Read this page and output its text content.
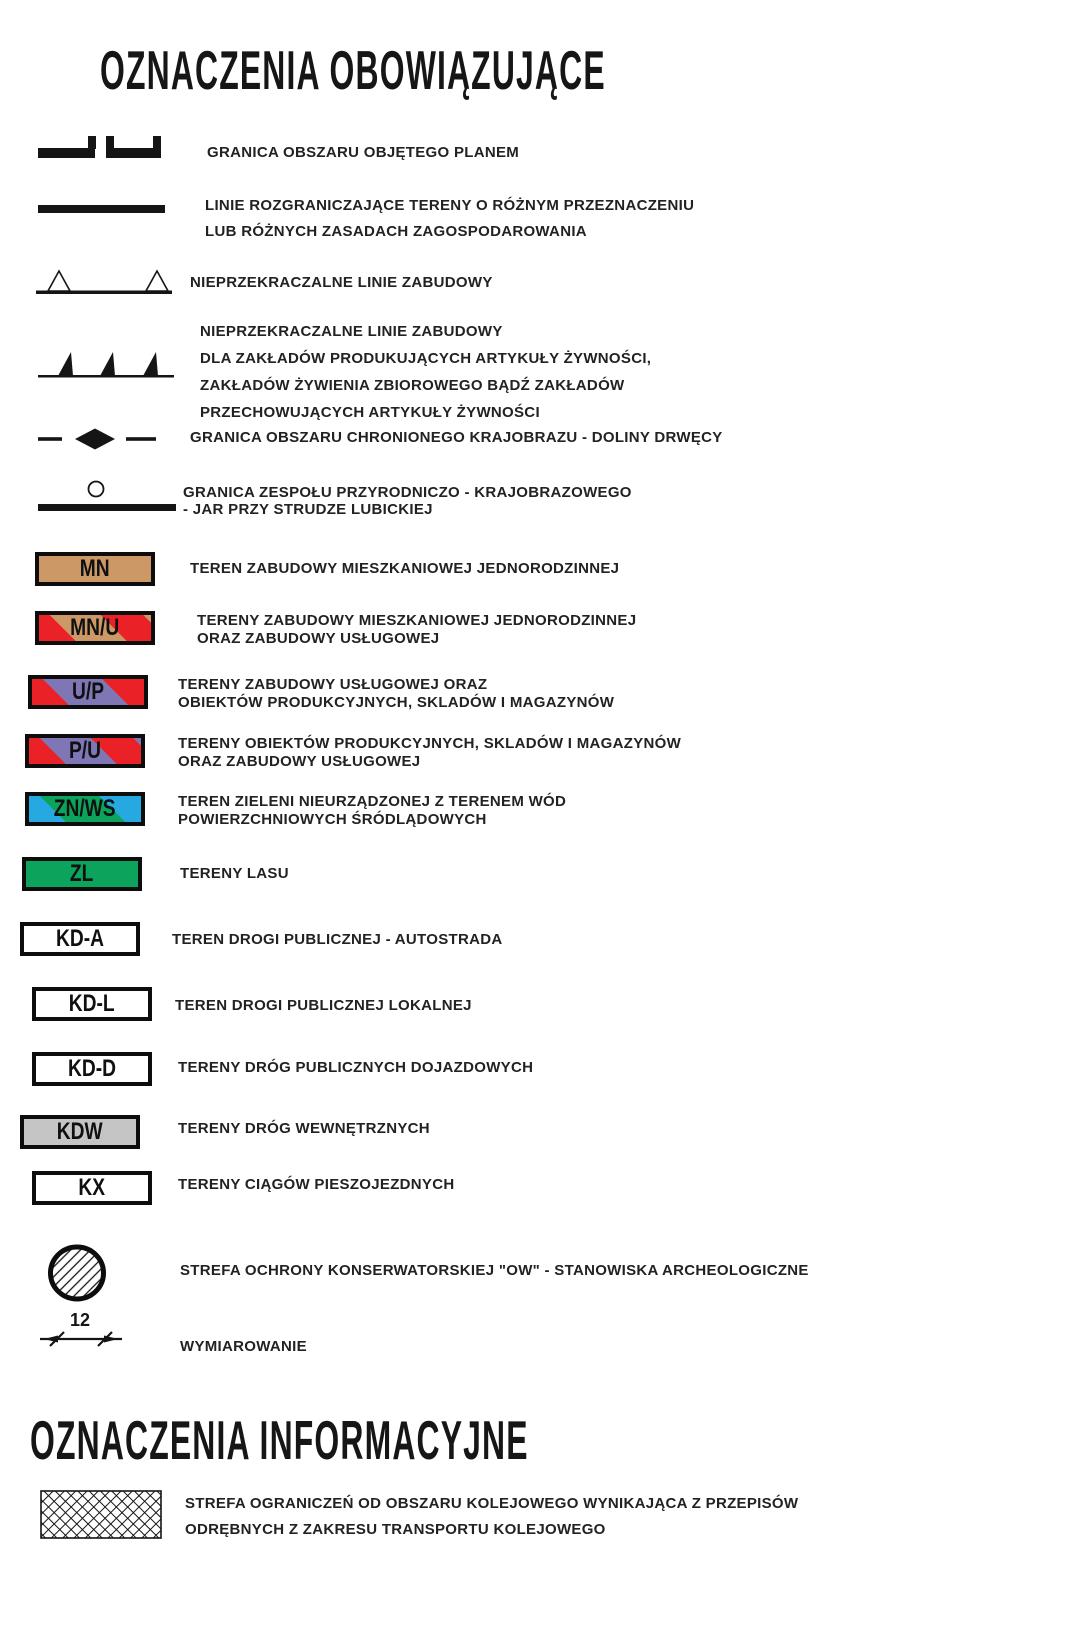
OZNACZENIA OBOWIĄZUJĄCE
GRANICA OBSZARU OBJĘTEGO PLANEM
LINIE ROZGRANICZAJĄCE TERENY O RÓŻNYM PRZEZNACZENIU
LUB RÓŻNYCH ZASADACH ZAGOSPODAROWANIA
NIEPRZEKRACZALNE LINIE ZABUDOWY
NIEPRZEKRACZALNE LINIE ZABUDOWY
DLA ZAKŁADÓW PRODUKUJĄCYCH ARTYKUŁY ŻYWNOŚCI,
ZAKŁADÓW ŻYWIENIA ZBIOROWEGO BĄDŹ ZAKŁADÓW
PRZECHOWUJĄCYCH ARTYKUŁY ŻYWNOŚCI
GRANICA OBSZARU CHRONIONEGO KRAJOBRAZU - DOLINY DRWĘCY
GRANICA ZESPOŁU PRZYRODNICZO - KRAJOBRAZOWEGO
- JAR PRZY STRUDZE LUBICKIEJ
MN	TEREN ZABUDOWY MIESZKANIOWEJ JEDNORODZINNEJ
MN/U	TERENY ZABUDOWY MIESZKANIOWEJ JEDNORODZINNEJ
ORAZ ZABUDOWY USŁUGOWEJ
U/P	TERENY ZABUDOWY USŁUGOWEJ ORAZ
OBIEKTÓW PRODUKCYJNYCH, SKLADÓW I MAGAZYNÓW
P/U	TERENY OBIEKTÓW PRODUKCYJNYCH, SKLADÓW I MAGAZYNÓW
ORAZ ZABUDOWY USŁUGOWEJ
ZN/WS	TEREN ZIELENI NIEURZĄDZONEJ Z TERENEM WÓD
POWIERZCHNIOWYCH ŚRÓDLĄDOWYCH
ZL	TERENY LASU
KD-A	TEREN DROGI PUBLICZNEJ - AUTOSTRADA
KD-L	TEREN DROGI PUBLICZNEJ LOKALNEJ
KD-D	TERENY DRÓG PUBLICZNYCH DOJAZDOWYCH
KDW	TERENY DRÓG WEWNĘTRZNYCH
KX	TERENY CIĄGÓW PIESZOJEZDNYCH
STREFA OCHRONY KONSERWATORSKIEJ "OW" - STANOWISKA ARCHEOLOGICZNE
12
WYMIAROWANIE
OZNACZENIA INFORMACYJNE
STREFA OGRANICZEŃ OD OBSZARU KOLEJOWEGO WYNIKAJĄCA Z PRZEPISÓW
ODRĘBNYCH Z ZAKRESU TRANSPORTU KOLEJOWEGO
